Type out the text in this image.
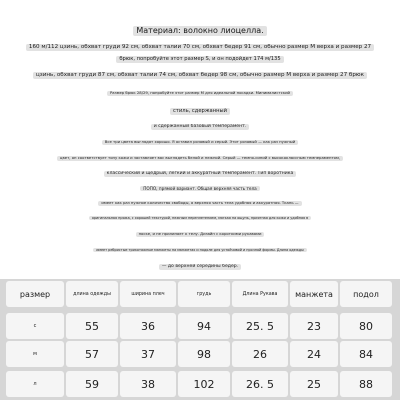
Материал: волокно лиоцелла.
160 м/112 цзинь, обхват груди 92 см, обхват талии 70 см, обхват бедер 91 см, обычно размер М верха и размер 27
брюк, попробуйте этот размер S, и он подойдет 174 м/135
цзинь, обхват груди 87 см, обхват талии 74 см, обхват бедер 98 см, обычно размер М верха и размер 27 брюк
Размер брюк 28/29, попробуйте этот размер М для идеальной посадки. Минималистский
стиль, сдержанный
и сдержанный базовый темперамент.
Все три цвета выглядят хорошо. Я оставил розовый и серый. Этот розовый — как раз нужный
цвет, он соответствует тону кожи и заставляет вас выглядеть белой и нежной. Серый — темно-синий с высококлассным темпераментом,
классический и щедрый, легкий и аккуратный темперамент. Тип воротника
ПОПО, прямой вариант. Общая верхняя часть тела
имеет как раз нужное количество свободы, а верхняя часть тела удобная и аккуратная. Ткань —
оригинальная пряжа, с хорошей текстурой, нежным переплетением, мягкая на ощупь, приятная для кожи и удобная в
носке, и не прилипает к телу. Дизайн с короткими рукавами
имеет ребристые трикотажные манжеты на манжетах и подоле для устойчивой и прочной формы. Длина одежды
— до верхней середины бедер.
размер	длина одежды	ширина плеч	грудь	Длина Рукава	манжета	подол
с	55	36	94	25. 5	23	80
м	57	37	98	26	24	84
л	59	38	102	26. 5	25	88
